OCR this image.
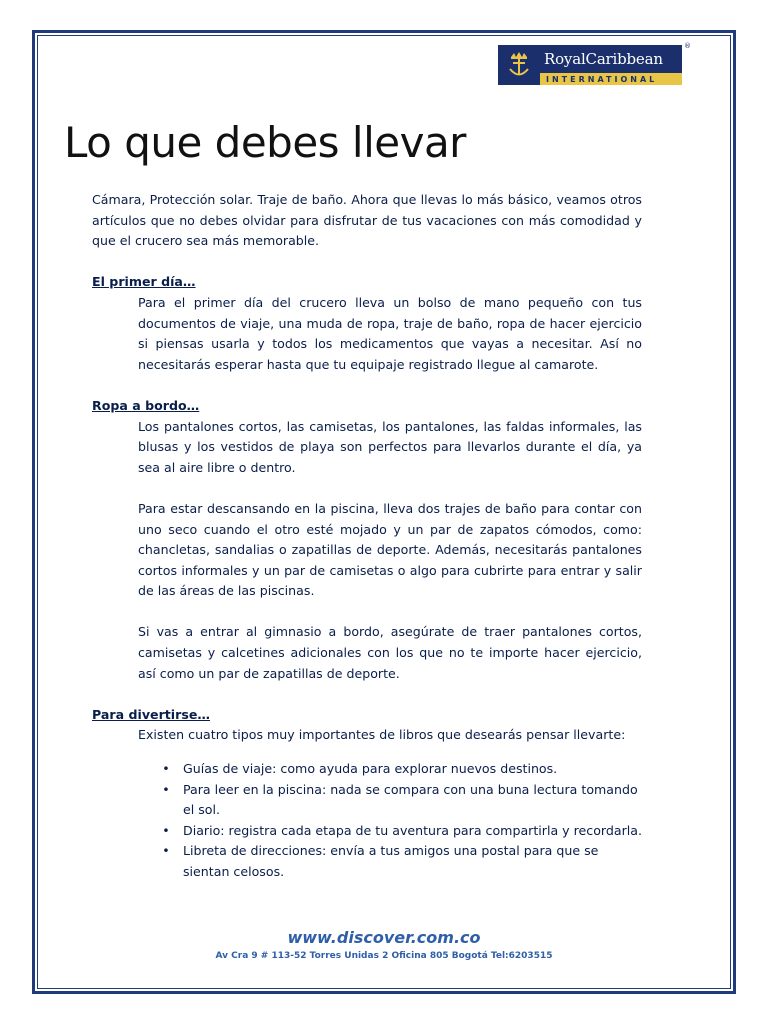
RoyalCaribbean
INTERNATIONAL
®
Lo que debes llevar

Cámara, Protección solar. Traje de baño. Ahora que llevas lo más básico, veamos otros artículos que no debes olvidar para disfrutar de tus vacaciones con más comodidad y que el crucero sea más memorable.

El primer día…

Para el primer día del crucero lleva un bolso de mano pequeño con tus documentos de viaje, una muda de ropa, traje de baño, ropa de hacer ejercicio si piensas usarla y todos los medicamentos que vayas a necesitar. Así no necesitarás esperar hasta que tu equipaje registrado llegue al camarote.

Ropa a bordo…

Los pantalones cortos, las camisetas, los pantalones, las faldas informales, las blusas y los vestidos de playa son perfectos para llevarlos durante el día, ya sea al aire libre o dentro.

Para estar descansando en la piscina, lleva dos trajes de baño para contar con uno seco cuando el otro esté mojado y un par de zapatos cómodos, como: chancletas, sandalias o zapatillas de deporte. Además, necesitarás pantalones cortos informales y un par de camisetas o algo para cubrirte para entrar y salir de las áreas de las piscinas.

Si vas a entrar al gimnasio a bordo, asegúrate de traer pantalones cortos, camisetas y calcetines adicionales con los que no te importe hacer ejercicio, así como un par de zapatillas de deporte.

Para divertirse…

Existen cuatro tipos muy importantes de libros que desearás pensar llevarte:

• Guías de viaje: como ayuda para explorar nuevos destinos.
• Para leer en la piscina: nada se compara con una buna lectura tomando el sol.
• Diario: registra cada etapa de tu aventura para compartirla y recordarla.
• Libreta de direcciones: envía a tus amigos una postal para que se sientan celosos.
www.discover.com.co
Av Cra 9 # 113-52 Torres Unidas 2 Oficina 805 Bogotá Tel:6203515
